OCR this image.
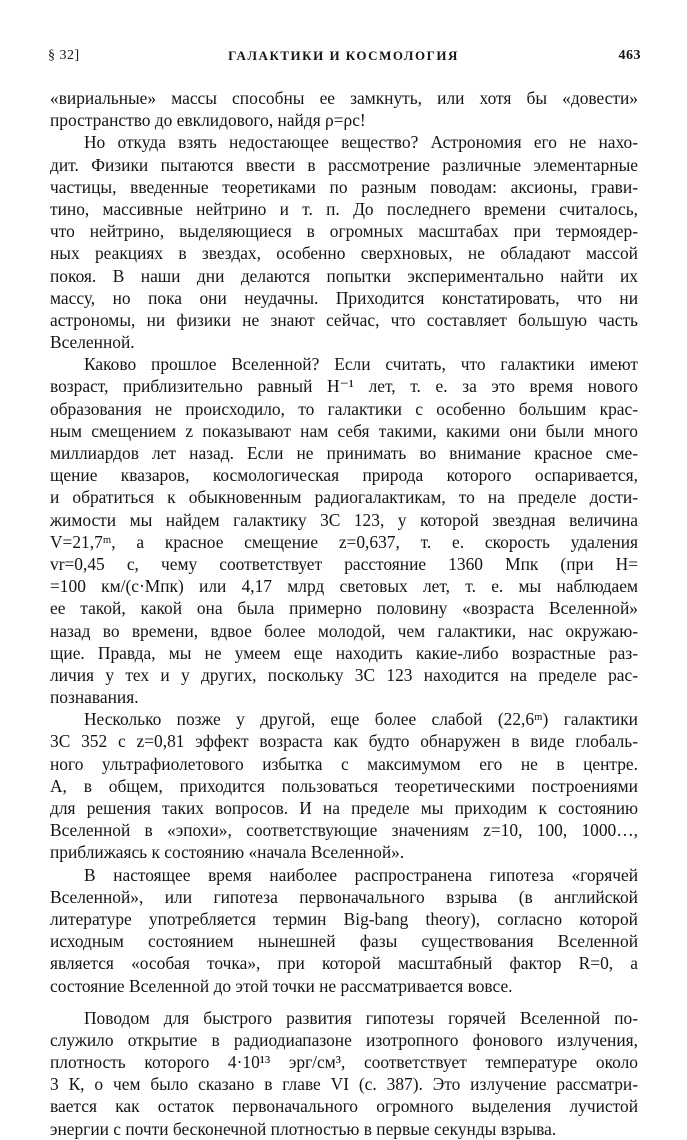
§ 32]	ГАЛАКТИКИ И КОСМОЛОГИЯ	463
«вириальные» массы способны ее замкнуть, или хотя бы «довести»
пространство до евклидового, найдя ρ=ρc!
Но откуда взять недостающее вещество? Астрономия его не нахо-
дит. Физики пытаются ввести в рассмотрение различные элементарные
частицы, введенные теоретиками по разным поводам: аксионы, грави-
тино, массивные нейтрино и т. п. До последнего времени считалось,
что нейтрино, выделяющиеся в огромных масштабах при термоядер-
ных реакциях в звездах, особенно сверхновых, не обладают массой
покоя. В наши дни делаются попытки экспериментально найти их
массу, но пока они неудачны. Приходится констатировать, что ни
астрономы, ни физики не знают сейчас, что составляет большую часть
Вселенной.
Каково прошлое Вселенной? Если считать, что галактики имеют
возраст, приблизительно равный H⁻¹ лет, т. е. за это время нового
образования не происходило, то галактики с особенно большим крас-
ным смещением z показывают нам себя такими, какими они были много
миллиардов лет назад. Если не принимать во внимание красное сме-
щение квазаров, космологическая природа которого оспаривается,
и обратиться к обыкновенным радиогалактикам, то на пределе дости-
жимости мы найдем галактику 3С 123, у которой звездная величина
V=21,7ᵐ, а красное смещение z=0,637, т. е. скорость удаления
vr=0,45 c, чему соответствует расстояние 1360 Мпк (при H=
=100 км/(с·Мпк) или 4,17 млрд световых лет, т. е. мы наблюдаем
ее такой, какой она была примерно половину «возраста Вселенной»
назад во времени, вдвое более молодой, чем галактики, нас окружаю-
щие. Правда, мы не умеем еще находить какие-либо возрастные раз-
личия у тех и у других, поскольку 3С 123 находится на пределе рас-
познавания.
Несколько позже у другой, еще более слабой (22,6ᵐ) галактики
3С 352 с z=0,81 эффект возраста как будто обнаружен в виде глобаль-
ного ультрафиолетового избытка с максимумом его не в центре.
А, в общем, приходится пользоваться теоретическими построениями
для решения таких вопросов. И на пределе мы приходим к состоянию
Вселенной в «эпохи», соответствующие значениям z=10, 100, 1000…,
приближаясь к состоянию «начала Вселенной».
В настоящее время наиболее распространена гипотеза «горячей
Вселенной», или гипотеза первоначального взрыва (в английской
литературе употребляется термин Big-bang theory), согласно которой
исходным состоянием нынешней фазы существования Вселенной
является «особая точка», при которой масштабный фактор R=0, а
состояние Вселенной до этой точки не рассматривается вовсе.
Поводом для быстрого развития гипотезы горячей Вселенной по-
служило открытие в радиодиапазоне изотропного фонового излучения,
плотность которого 4·10¹³ эрг/см³, соответствует температуре около
3 К, о чем было сказано в главе VI (с. 387). Это излучение рассматри-
вается как остаток первоначального огромного выделения лучистой
энергии с почти бесконечной плотностью в первые секунды взрыва.
